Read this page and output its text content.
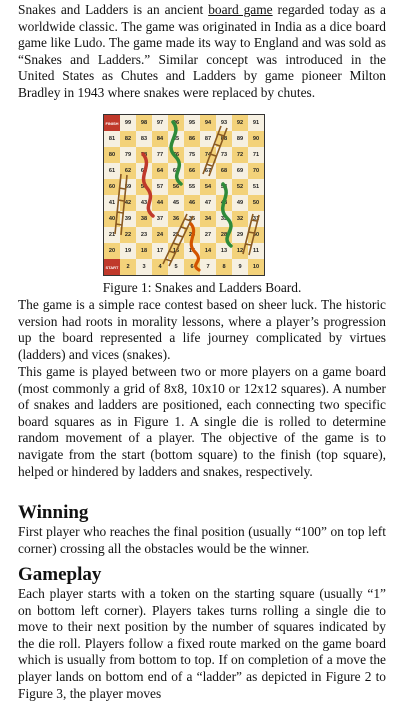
Snakes and Ladders is an ancient board game regarded today as a worldwide classic. The game was originated in India as a dice board game like Ludo. The game made its way to England and was sold as “Snakes and Ladders.” Similar concept was introduced in the United States as Chutes and Ladders by game pioneer Milton Bradley in 1943 where snakes were replaced by chutes.

FINISH	99	98	97	96	95	94	93	92	91
81	82	83	84	85	86	87	88	89	90
80	79	78	77	76	75	74	73	72	71
61	62	63	64	65	66	67	68	69	70
60	59	58	57	56	55	54	53	52	51
41	42	43	44	45	46	47	48	49	50
40	39	38	37	36	35	34	33	32	31
21	22	23	24	25	26	27	28	29	30
20	19	18	17	16	15	14	13	12	11
START	2	3	4	5	6	7	8	9	10
Figure 1: Snakes and Ladders Board.

The game is a simple race contest based on sheer luck. The historic version had roots in morality lessons, where a player’s progression up the board represented a life journey complicated by virtues (ladders) and vices (snakes).

This game is played between two or more players on a game board (most commonly a grid of 8x8, 10x10 or 12x12 squares). A number of snakes and ladders are positioned, each connecting two specific board squares as in Figure 1. A single die is rolled to determine random movement of a player. The objective of the game is to navigate from the start (bottom square) to the finish (top square), helped or hindered by ladders and snakes, respectively.

Winning

First player who reaches the final position (usually “100” on top left corner) crossing all the obstacles would be the winner.

Gameplay

Each player starts with a token on the starting square (usually “1” on bottom left corner). Players takes turns rolling a single die to move to their next position by the number of squares indicated by the die roll. Players follow a fixed route marked on the game board which is usually from bottom to top. If on completion of a move the player lands on bottom end of a “ladder” as depicted in Figure 2 to Figure 3, the player moves
